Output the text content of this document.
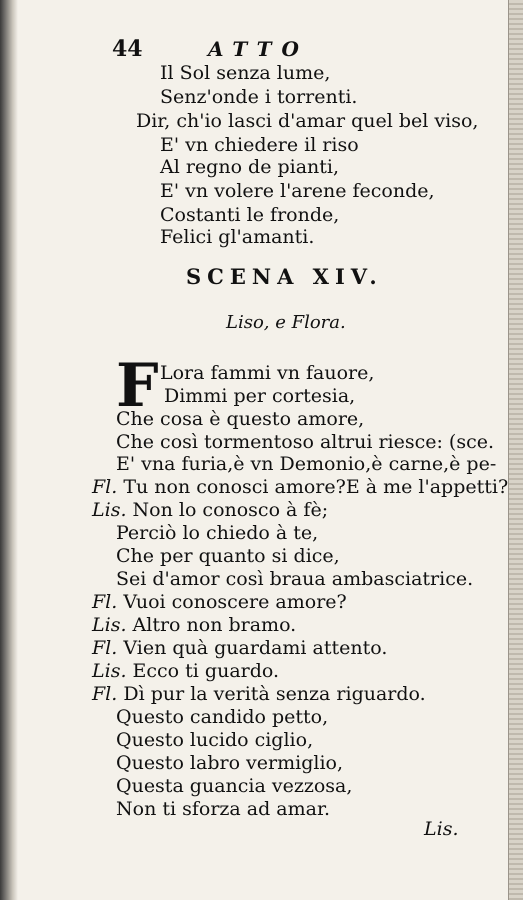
44	ATTO
Il Sol senza lume,
Senz'onde i torrenti.
Dir, ch'io lasci d'amar quel bel viso,
E' vn chiedere il riso
Al regno de pianti,
E' vn volere l'arene feconde,
Costanti le fronde,
Felici gl'amanti.
SCENA XIV.
Liso, e Flora.
F Lora fammi vn fauore,
Dimmi per cortesia,
Che cosa è questo amore,
Che così tormentoso altrui riesce: (sce.
E' vna furia,è vn Demonio,è carne,è pe-
Fl. Tu non conosci amore?E à me l'appetti?
Lis. Non lo conosco à fè;
Perciò lo chiedo à te,
Che per quanto si dice,
Sei d'amor così braua ambasciatrice.
Fl. Vuoi conoscere amore?
Lis. Altro non bramo.
Fl. Vien quà guardami attento.
Lis. Ecco ti guardo.
Fl. Dì pur la verità senza riguardo.
Questo candido petto,
Questo lucido ciglio,
Questo labro vermiglio,
Questa guancia vezzosa,
Non ti sforza ad amar.
Lis.
